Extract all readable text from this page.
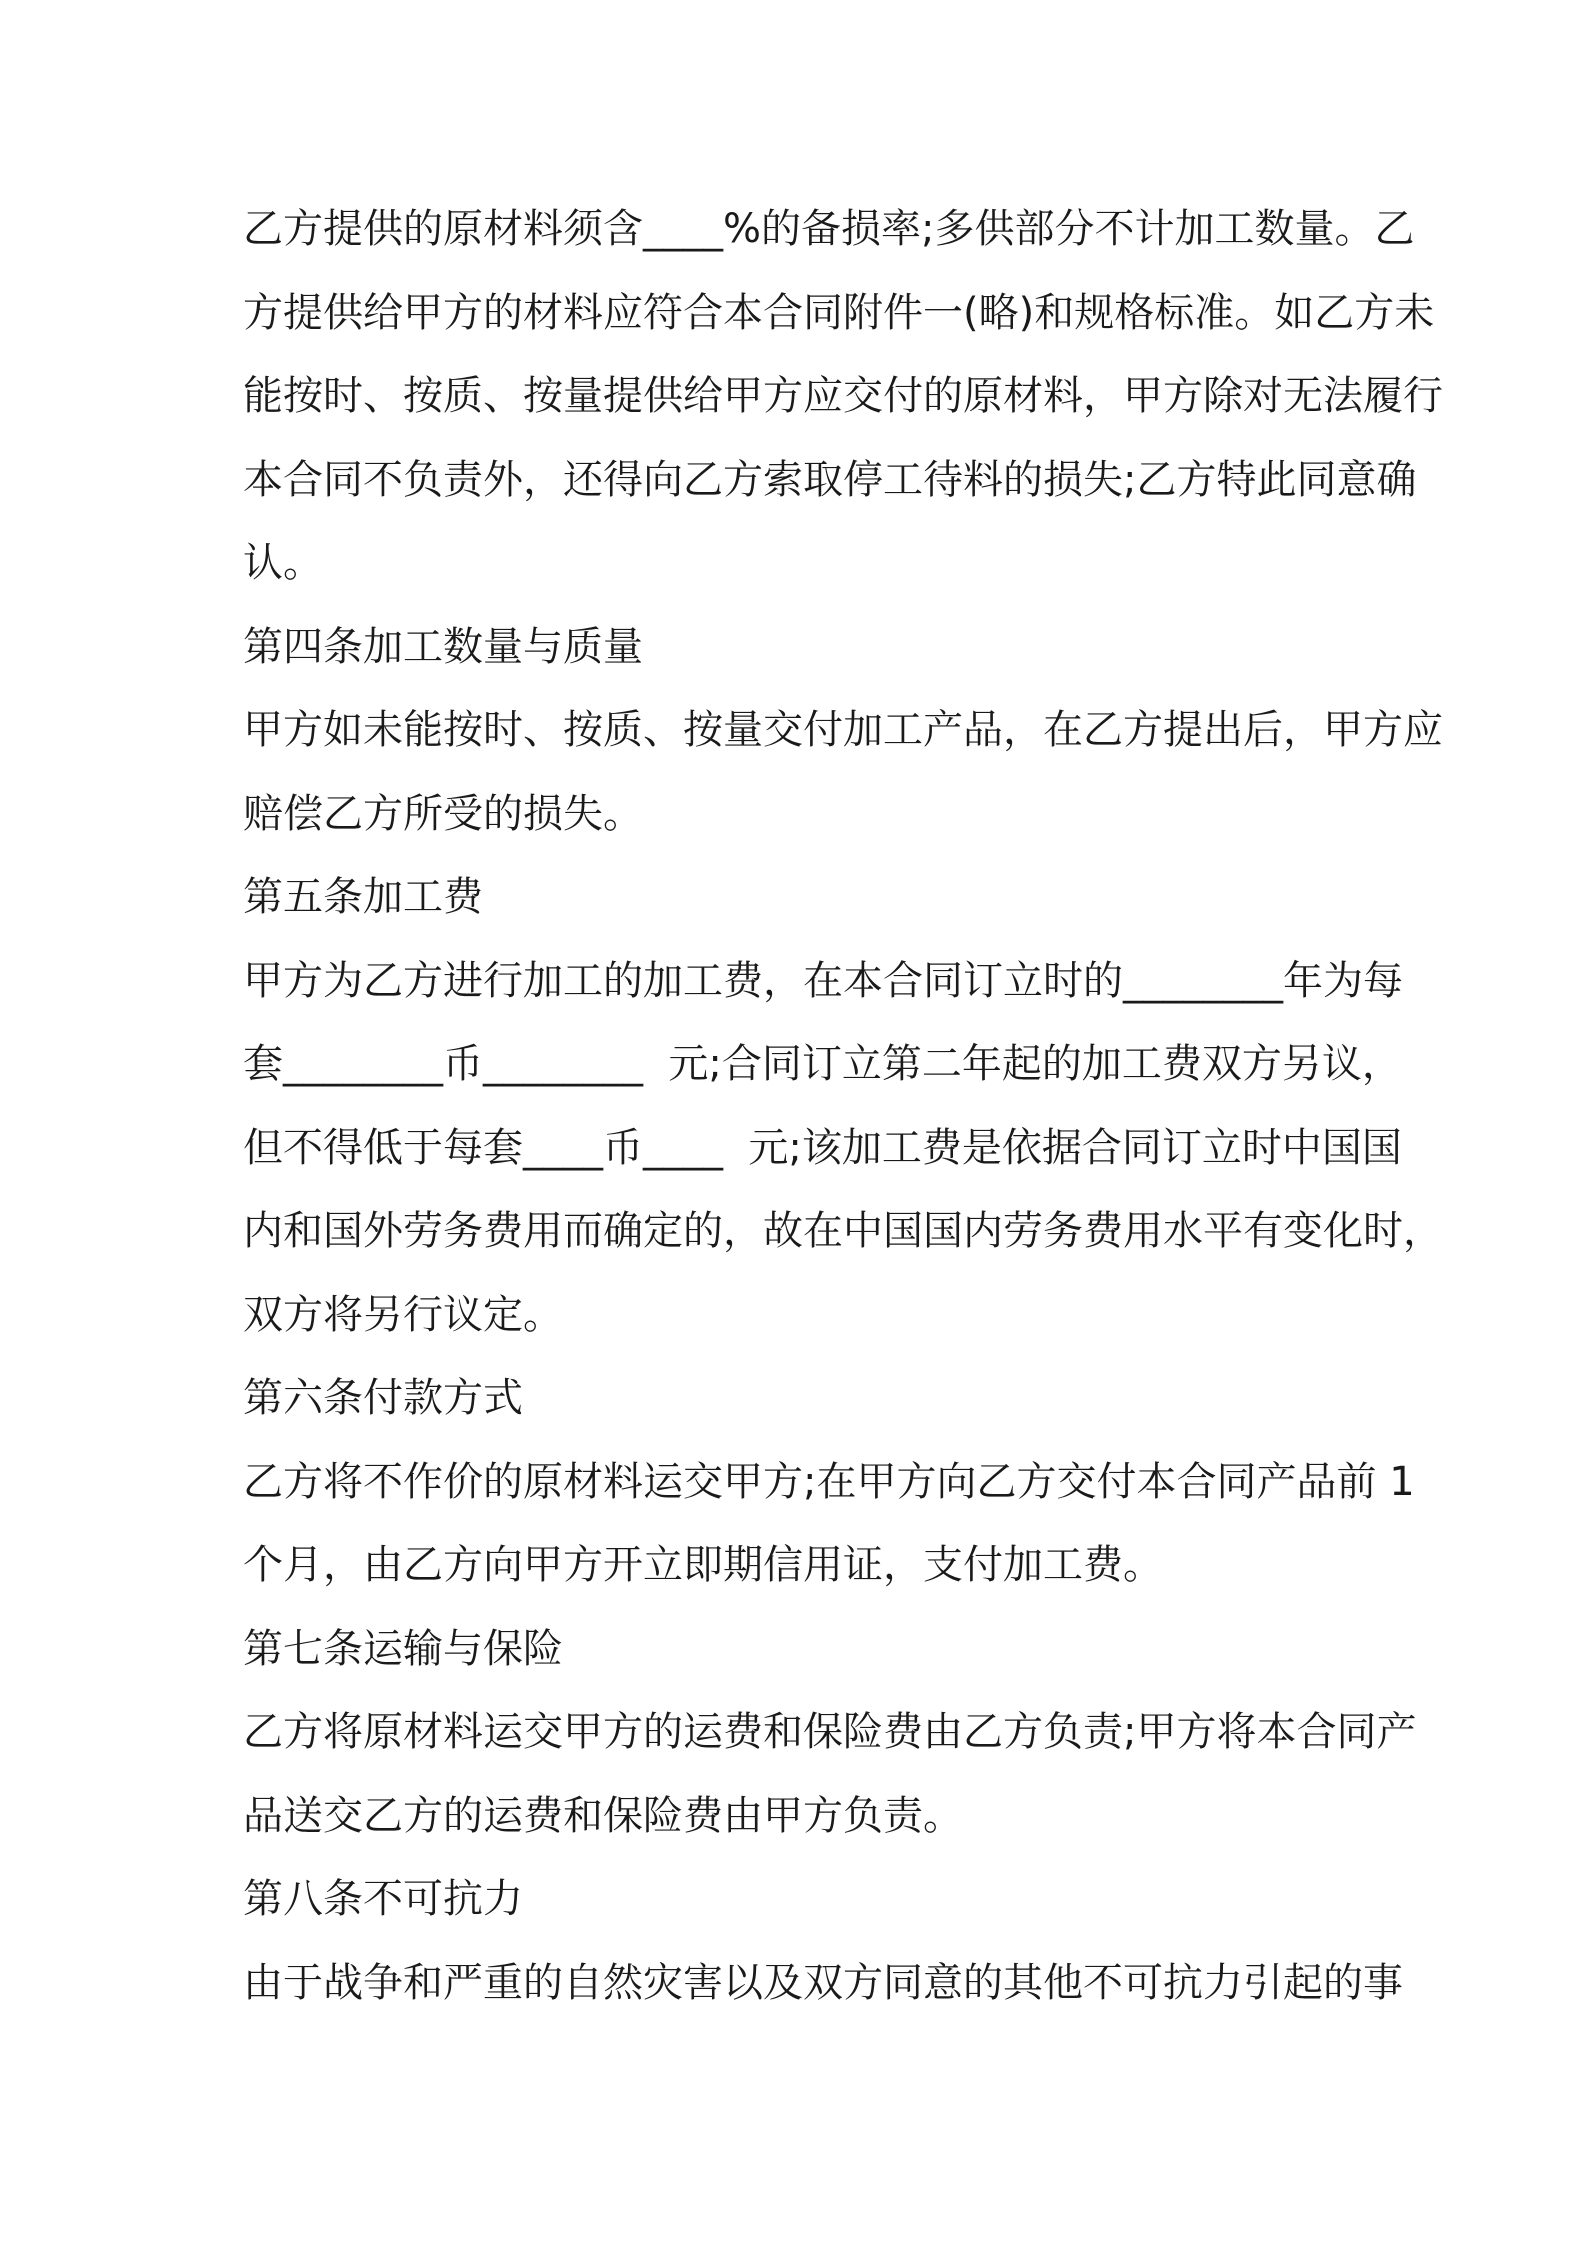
乙方提供的原材料须含____%的备损率;多供部分不计加工数量。乙
方提供给甲方的材料应符合本合同附件一(略)和规格标准。如乙方未
能按时、按质、按量提供给甲方应交付的原材料，甲方除对无法履行
本合同不负责外，还得向乙方索取停工待料的损失;乙方特此同意确
认。
第四条加工数量与质量
甲方如未能按时、按质、按量交付加工产品，在乙方提出后，甲方应
赔偿乙方所受的损失。
第五条加工费
甲方为乙方进行加工的加工费，在本合同订立时的________年为每
套________币________  元;合同订立第二年起的加工费双方另议，
但不得低于每套____币____  元;该加工费是依据合同订立时中国国
内和国外劳务费用而确定的，故在中国国内劳务费用水平有变化时，
双方将另行议定。
第六条付款方式
乙方将不作价的原材料运交甲方;在甲方向乙方交付本合同产品前 1
个月，由乙方向甲方开立即期信用证，支付加工费。
第七条运输与保险
乙方将原材料运交甲方的运费和保险费由乙方负责;甲方将本合同产
品送交乙方的运费和保险费由甲方负责。
第八条不可抗力
由于战争和严重的自然灾害以及双方同意的其他不可抗力引起的事
